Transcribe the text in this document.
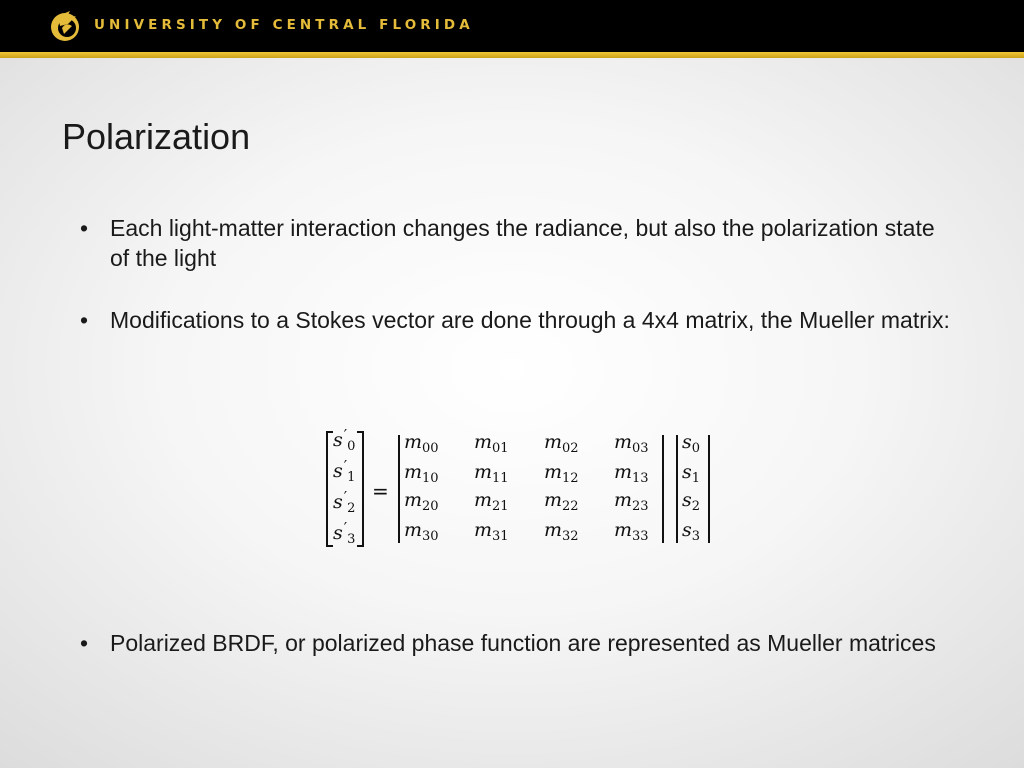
UNIVERSITY OF CENTRAL FLORIDA
Polarization
• Each light-matter interaction changes the radiance, but also the polarization state of the light
• Modifications to a Stokes vector are done through a 4x4 matrix, the Mueller matrix:
$s'_0$
$s'_1$
$s'_2$
$s'_3$
=
$m_{00}$ $m_{01}$ $m_{02}$ $m_{03}$
$m_{10}$ $m_{11}$ $m_{12}$ $m_{13}$
$m_{20}$ $m_{21}$ $m_{22}$ $m_{23}$
$m_{30}$ $m_{31}$ $m_{32}$ $m_{33}$
$s_0$
$s_1$
$s_2$
$s_3$
• Polarized BRDF, or polarized phase function are represented as Mueller matrices
